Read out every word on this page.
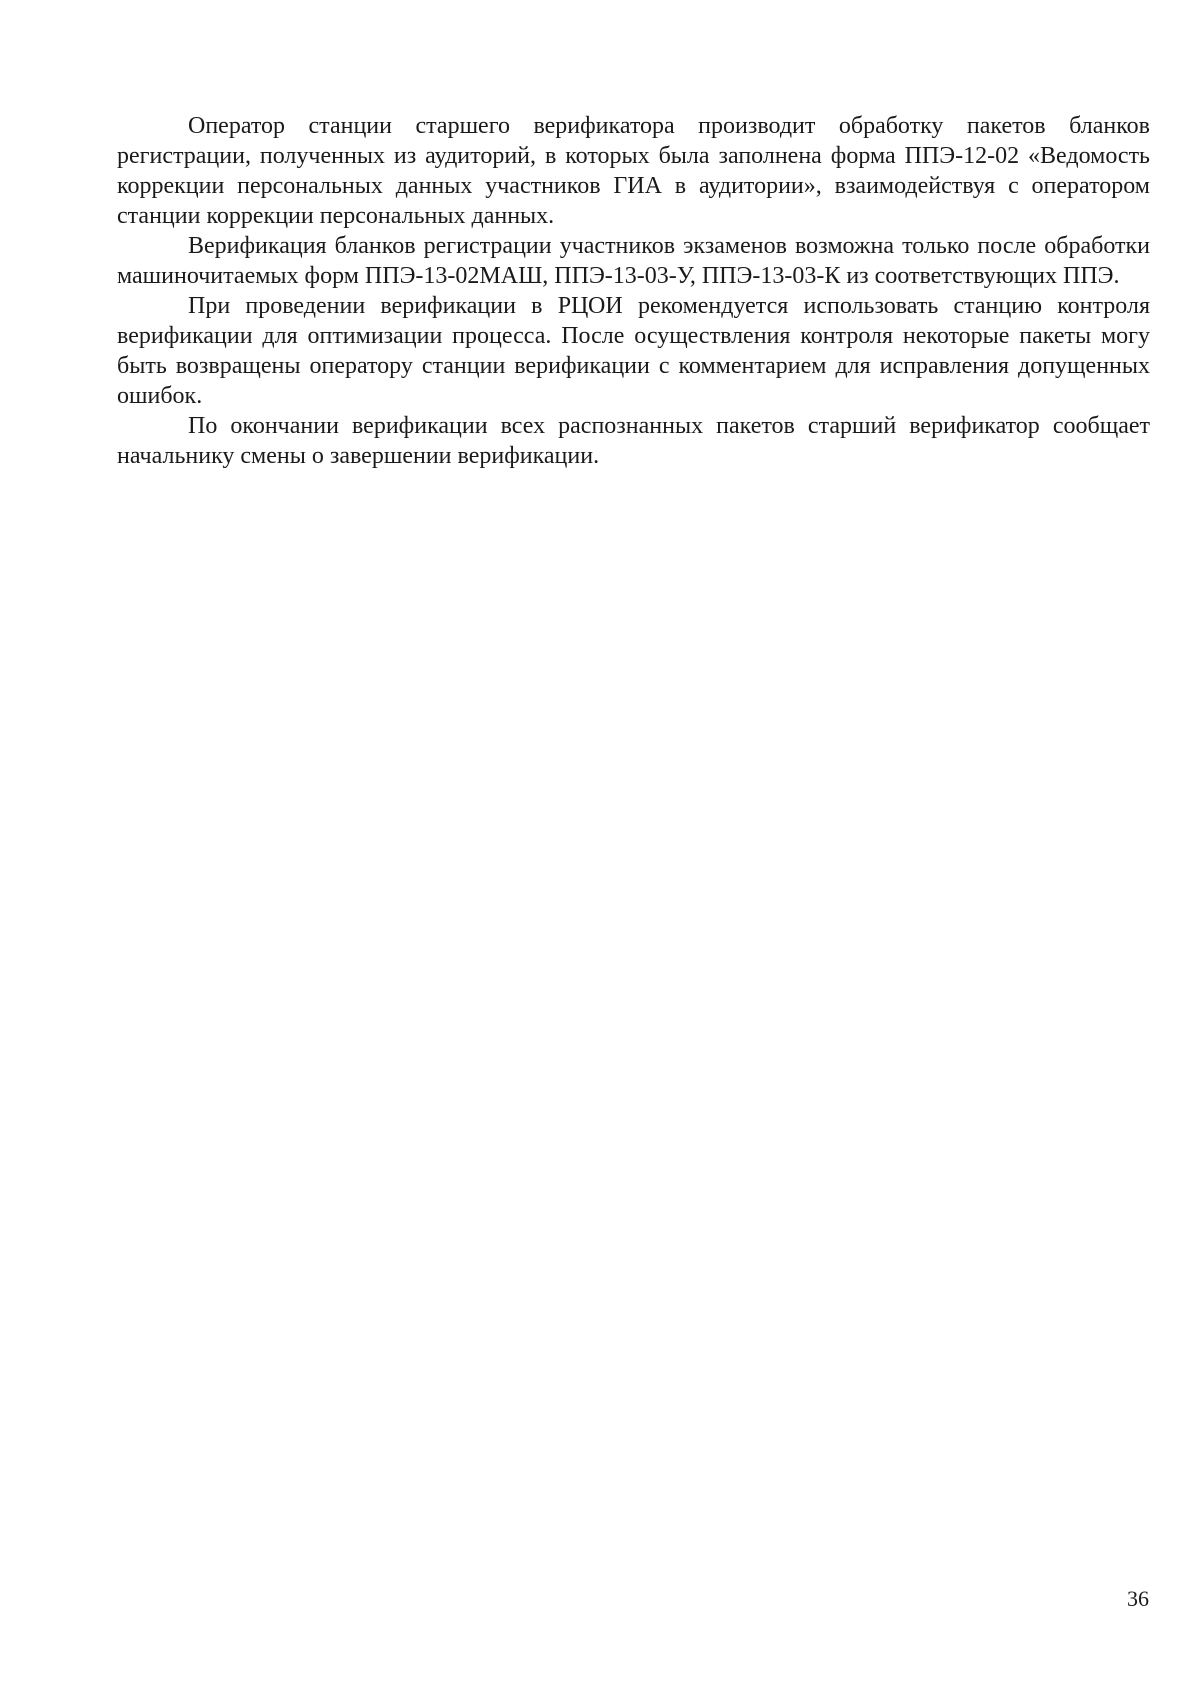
Оператор станции старшего верификатора производит обработку пакетов бланков регистрации, полученных из аудиторий, в которых была заполнена форма ППЭ-12-02 «Ведомость коррекции персональных данных участников ГИА в аудитории», взаимодействуя с оператором станции коррекции персональных данных.

Верификация бланков регистрации участников экзаменов возможна только после обработки машиночитаемых форм ППЭ-13-02МАШ, ППЭ-13-03-У, ППЭ-13-03-К из соответствующих ППЭ.

При проведении верификации в РЦОИ рекомендуется использовать станцию контроля верификации для оптимизации процесса. После осуществления контроля некоторые пакеты могу быть возвращены оператору станции верификации с комментарием для исправления допущенных ошибок.

По окончании верификации всех распознанных пакетов старший верификатор сообщает начальнику смены о завершении верификации.

36
